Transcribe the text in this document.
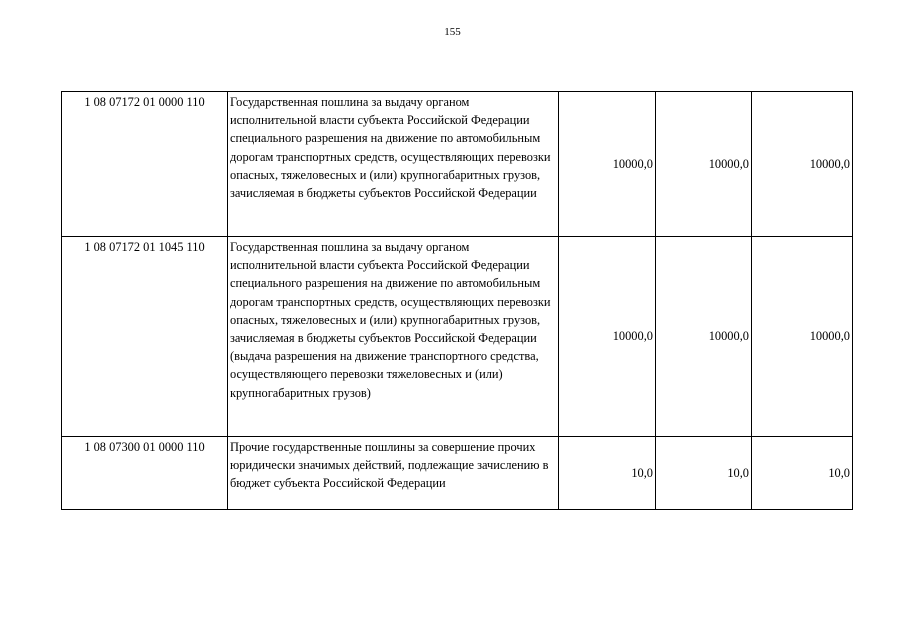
155
1 08 07172 01 0000 110	Государственная пошлина за выдачу органом исполнительной власти субъекта Российской Федерации специального разрешения на движение по автомобильным дорогам транспортных средств, осуществляющих перевозки опасных, тяжеловесных и (или) крупногабаритных грузов, зачисляемая в бюджеты субъектов Российской Федерации	10000,0	10000,0	10000,0
1 08 07172 01 1045 110	Государственная пошлина за выдачу органом исполнительной власти субъекта Российской Федерации специального разрешения на движение по автомобильным дорогам транспортных средств, осуществляющих перевозки опасных, тяжеловесных и (или) крупногабаритных грузов, зачисляемая в бюджеты субъектов Российской Федерации (выдача разрешения на движение транспортного средства, осуществляющего перевозки тяжеловесных и (или) крупногабаритных грузов)	10000,0	10000,0	10000,0
1 08 07300 01 0000 110	Прочие государственные пошлины за совершение прочих юридически значимых действий, подлежащие зачислению в бюджет субъекта Российской Федерации	10,0	10,0	10,0
